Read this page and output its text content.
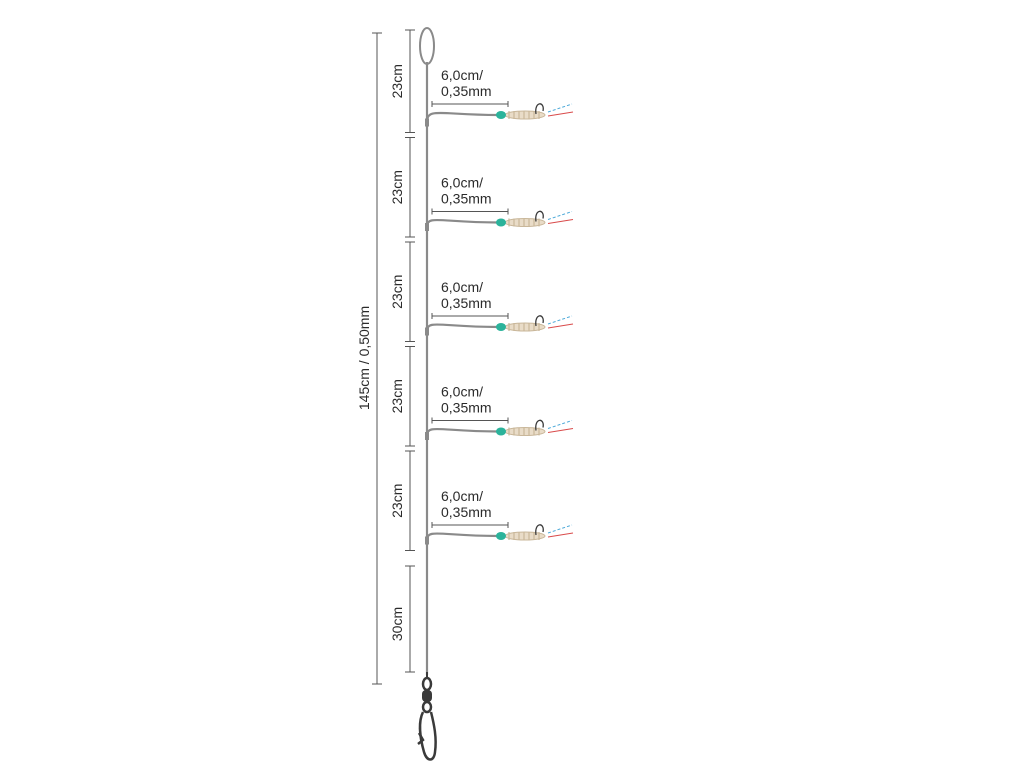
145cm / 0,50mm
23cm	6,0cm/
0,35mm
23cm	6,0cm/
0,35mm
23cm	6,0cm/
0,35mm
23cm	6,0cm/
0,35mm
23cm	6,0cm/
0,35mm
30cm
